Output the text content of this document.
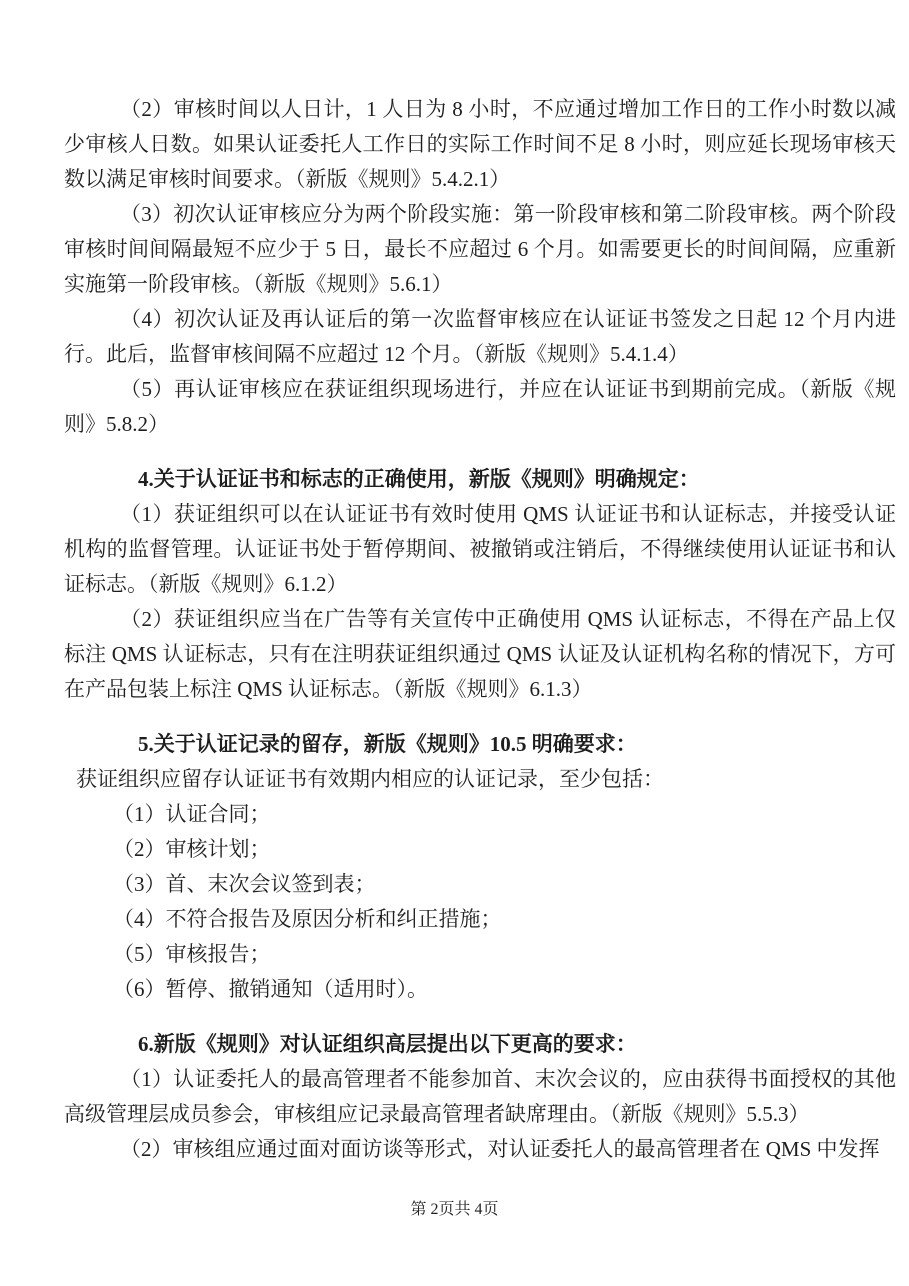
（2）审核时间以人日计，1 人日为 8 小时，不应通过增加工作日的工作小时数以减少审核人日数。如果认证委托人工作日的实际工作时间不足 8 小时，则应延长现场审核天数以满足审核时间要求。（新版《规则》5.4.2.1）

（3）初次认证审核应分为两个阶段实施：第一阶段审核和第二阶段审核。两个阶段审核时间间隔最短不应少于 5 日，最长不应超过 6 个月。如需要更长的时间间隔，应重新实施第一阶段审核。（新版《规则》5.6.1）

（4）初次认证及再认证后的第一次监督审核应在认证证书签发之日起 12 个月内进行。此后，监督审核间隔不应超过 12 个月。（新版《规则》5.4.1.4）

（5）再认证审核应在获证组织现场进行，并应在认证证书到期前完成。（新版《规则》5.8.2）

4.关于认证证书和标志的正确使用，新版《规则》明确规定：

（1）获证组织可以在认证证书有效时使用 QMS 认证证书和认证标志，并接受认证机构的监督管理。认证证书处于暂停期间、被撤销或注销后，不得继续使用认证证书和认证标志。（新版《规则》6.1.2）

（2）获证组织应当在广告等有关宣传中正确使用 QMS 认证标志，不得在产品上仅标注 QMS 认证标志，只有在注明获证组织通过 QMS 认证及认证机构名称的情况下，方可在产品包装上标注 QMS 认证标志。（新版《规则》6.1.3）

5.关于认证记录的留存，新版《规则》10.5 明确要求：

获证组织应留存认证证书有效期内相应的认证记录，至少包括：

（1）认证合同；

（2）审核计划；

（3）首、末次会议签到表；

（4）不符合报告及原因分析和纠正措施；

（5）审核报告；

（6）暂停、撤销通知（适用时）。

6.新版《规则》对认证组织高层提出以下更高的要求：

（1）认证委托人的最高管理者不能参加首、末次会议的，应由获得书面授权的其他高级管理层成员参会，审核组应记录最高管理者缺席理由。（新版《规则》5.5.3）

（2）审核组应通过面对面访谈等形式，对认证委托人的最高管理者在 QMS 中发挥

第 2页共 4页
